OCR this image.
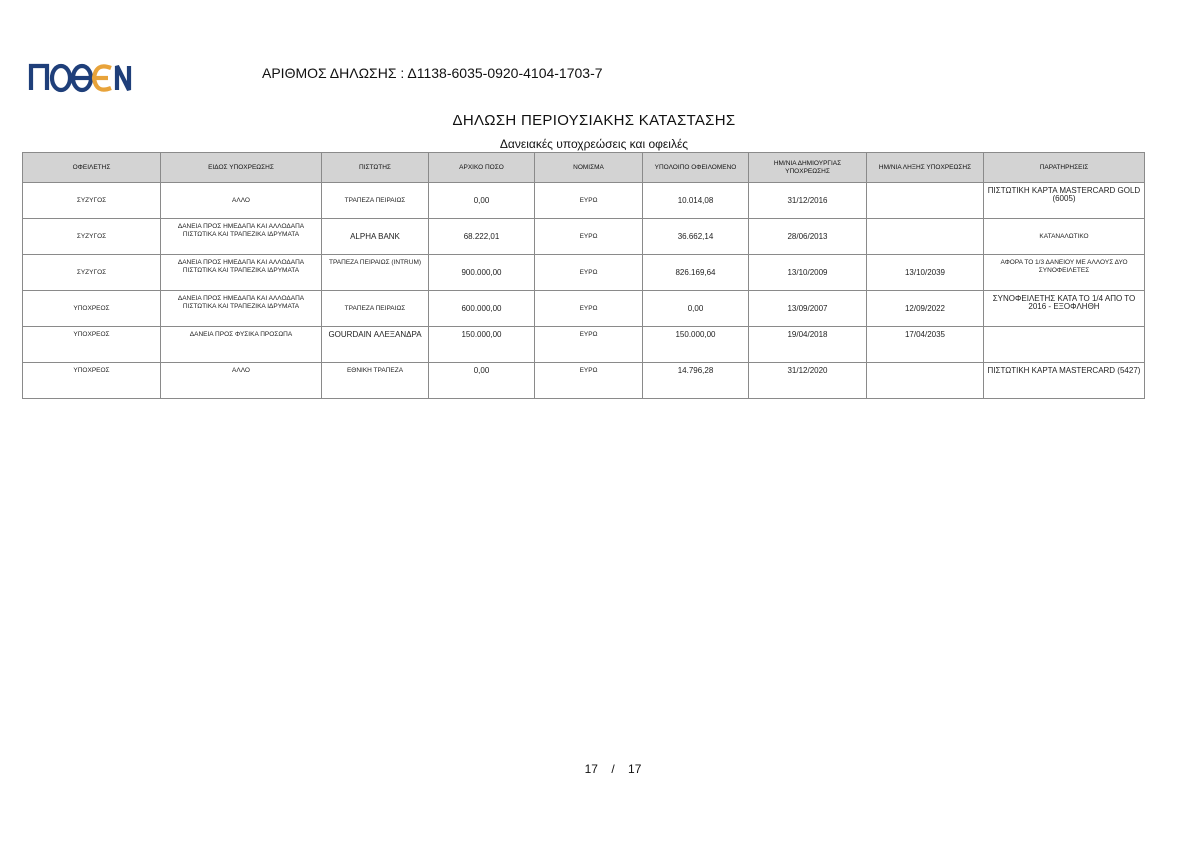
ΑΡΙΘΜΟΣ ΔΗΛΩΣΗΣ : Δ1138-6035-0920-4104-1703-7
ΔΗΛΩΣΗ ΠΕΡΙΟΥΣΙΑΚΗΣ ΚΑΤΑΣΤΑΣΗΣ
Δανειακές υποχρεώσεις και οφειλές
ΟΦΕΙΛΕΤΗΣ	ΕΙΔΟΣ ΥΠΟΧΡΕΩΣΗΣ	ΠΙΣΤΩΤΗΣ	ΑΡΧΙΚΟ ΠΟΣΟ	ΝΟΜΙΣΜΑ	ΥΠΟΛΟΙΠΟ ΟΦΕΙΛΟΜΕΝΟ	ΗΜ/ΝΙΑ ΔΗΜΙΟΥΡΓΙΑΣ ΥΠΟΧΡΕΩΣΗΣ	ΗΜ/ΝΙΑ ΛΗΞΗΣ ΥΠΟΧΡΕΩΣΗΣ	ΠΑΡΑΤΗΡΗΣΕΙΣ
ΣΥΖΥΓΟΣ	ΑΛΛΟ	ΤΡΑΠΕΖΑ ΠΕΙΡΑΙΩΣ	0,00	ΕΥΡΩ	10.014,08	31/12/2016		ΠΙΣΤΩΤΙΚΗ ΚΑΡΤΑ MASTERCARD GOLD (6005)
ΣΥΖΥΓΟΣ	ΔΑΝΕΙΑ ΠΡΟΣ ΗΜΕΔΑΠΑ ΚΑΙ ΑΛΛΟΔΑΠΑ ΠΙΣΤΩΤΙΚΑ ΚΑΙ ΤΡΑΠΕΖΙΚΑ ΙΔΡΥΜΑΤΑ	ALPHA BANK	68.222,01	ΕΥΡΩ	36.662,14	28/06/2013		ΚΑΤΑΝΑΛΩΤΙΚΟ
ΣΥΖΥΓΟΣ	ΔΑΝΕΙΑ ΠΡΟΣ ΗΜΕΔΑΠΑ ΚΑΙ ΑΛΛΟΔΑΠΑ ΠΙΣΤΩΤΙΚΑ ΚΑΙ ΤΡΑΠΕΖΙΚΑ ΙΔΡΥΜΑΤΑ	ΤΡΑΠΕΖΑ ΠΕΙΡΑΙΩΣ (INTRUM)	900.000,00	ΕΥΡΩ	826.169,64	13/10/2009	13/10/2039	ΑΦΟΡΑ ΤΟ 1/3 ΔΑΝΕΙΟΥ ΜΕ ΑΛΛΟΥΣ ΔΥΟ ΣΥΝΟΦΕΙΛΕΤΕΣ
ΥΠΟΧΡΕΟΣ	ΔΑΝΕΙΑ ΠΡΟΣ ΗΜΕΔΑΠΑ ΚΑΙ ΑΛΛΟΔΑΠΑ ΠΙΣΤΩΤΙΚΑ ΚΑΙ ΤΡΑΠΕΖΙΚΑ ΙΔΡΥΜΑΤΑ	ΤΡΑΠΕΖΑ ΠΕΙΡΑΙΩΣ	600.000,00	ΕΥΡΩ	0,00	13/09/2007	12/09/2022	ΣΥΝΟΦΕΙΛΕΤΗΣ ΚΑΤΑ ΤΟ 1/4 ΑΠΟ ΤΟ 2016 - ΕΞΟΦΛΗΘΗ
ΥΠΟΧΡΕΟΣ	ΔΑΝΕΙΑ ΠΡΟΣ ΦΥΣΙΚΑ ΠΡΟΣΩΠΑ	GOURDAIN ΑΛΕΞΑΝΔΡΑ	150.000,00	ΕΥΡΩ	150.000,00	19/04/2018	17/04/2035	
ΥΠΟΧΡΕΟΣ	ΑΛΛΟ	ΕΘΝΙΚΗ ΤΡΑΠΕΖΑ	0,00	ΕΥΡΩ	14.796,28	31/12/2020		ΠΙΣΤΩΤΙΚΗ ΚΑΡΤΑ MASTERCARD (5427)
17 / 17
